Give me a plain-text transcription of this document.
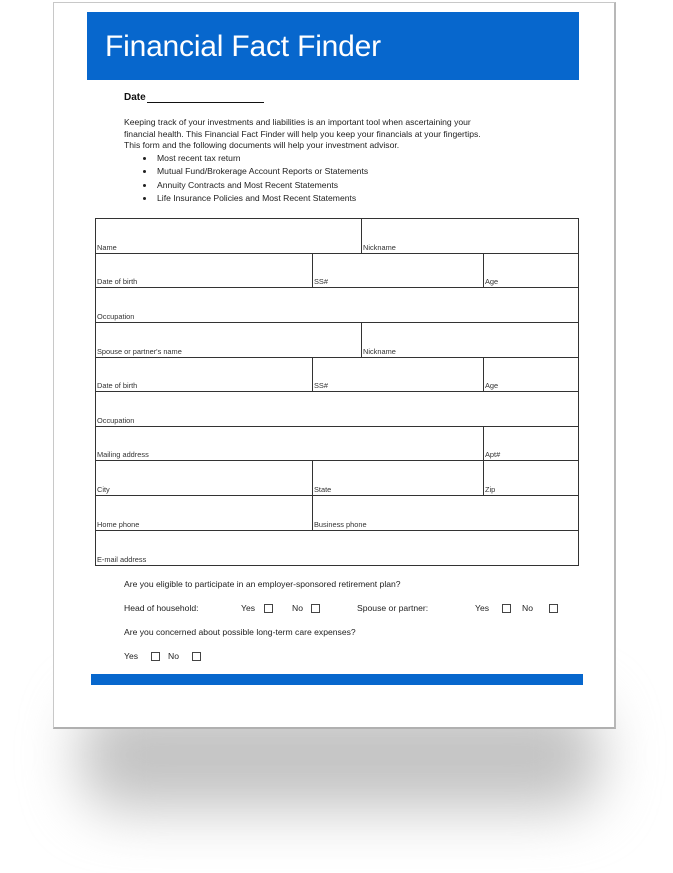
Financial Fact Finder
Date

Keeping track of your investments and liabilities is an important tool when ascertaining your

financial health. This Financial Fact Finder will help you keep your financials at your fingertips.

This form and the following documents will help your investment advisor.

• Most recent tax return
• Mutual Fund/Brokerage Account Reports or Statements
• Annuity Contracts and Most Recent Statements
• Life Insurance Policies and Most Recent Statements
Name	Nickname
Date of birth	SS#	Age
Occupation
Spouse or partner's name	Nickname
Date of birth	SS#	Age
Occupation
Mailing address	Apt#
City	State	Zip
Home phone	Business phone
E-mail address
Are you eligible to participate in an employer-sponsored retirement plan?
Head of household:	Yes	No	Spouse or partner:	Yes	No
Are you concerned about possible long-term care expenses?
Yes	No
